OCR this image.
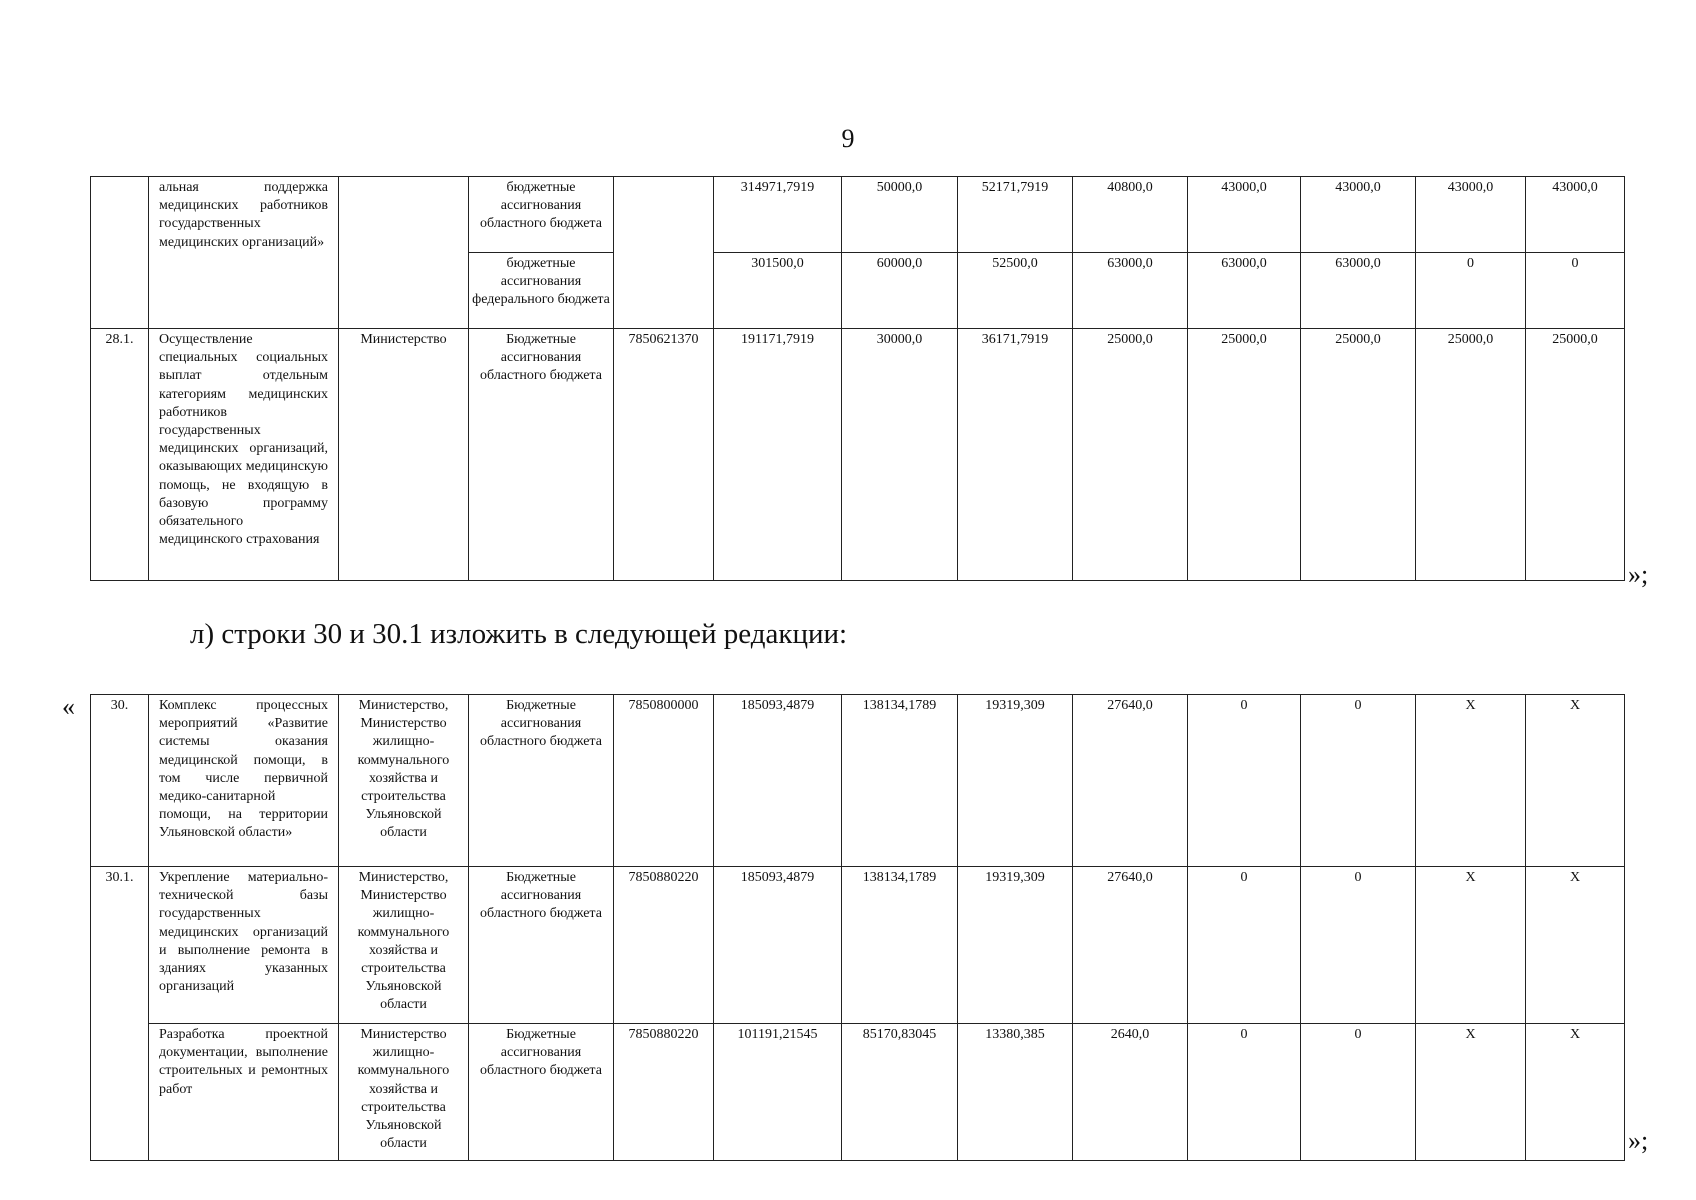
9
	альная поддержка медицинских работников государственных медицинских организаций»		бюджетные ассигнования областного бюджета		314971,7919	50000,0	52171,7919	40800,0	43000,0	43000,0	43000,0	43000,0
			бюджетные ассигнования федерального бюджета		301500,0	60000,0	52500,0	63000,0	63000,0	63000,0	0	0
28.1.	Осуществление специальных социальных выплат отдельным категориям медицинских работников государственных медицинских организаций, оказывающих медицинскую помощь, не входящую в базовую программу обязательного медицинского страхования	Министерство	Бюджетные ассигнования областного бюджета	7850621370	191171,7919	30000,0	36171,7919	25000,0	25000,0	25000,0	25000,0	25000,0
»;
л) строки 30 и 30.1 изложить в следующей редакции:
«	30.	Комплекс процессных мероприятий «Развитие системы оказания медицинской помощи, в том числе первичной медико-санитарной помощи, на территории Ульяновской области»	Министерство, Министерство жилищно-коммунального хозяйства и строительства Ульяновской области	Бюджетные ассигнования областного бюджета	7850800000	185093,4879	138134,1789	19319,309	27640,0	0	0	Х	Х
30.1.	Укрепление материально-технической базы государственных медицинских организаций и выполнение ремонта в зданиях указанных организаций	Министерство, Министерство жилищно-коммунального хозяйства и строительства Ульяновской области	Бюджетные ассигнования областного бюджета	7850880220	185093,4879	138134,1789	19319,309	27640,0	0	0	Х	Х
	Разработка проектной документации, выполнение строительных и ремонтных работ	Министерство жилищно-коммунального хозяйства и строительства Ульяновской области	Бюджетные ассигнования областного бюджета	7850880220	101191,21545	85170,83045	13380,385	2640,0	0	0	Х	Х
»;
